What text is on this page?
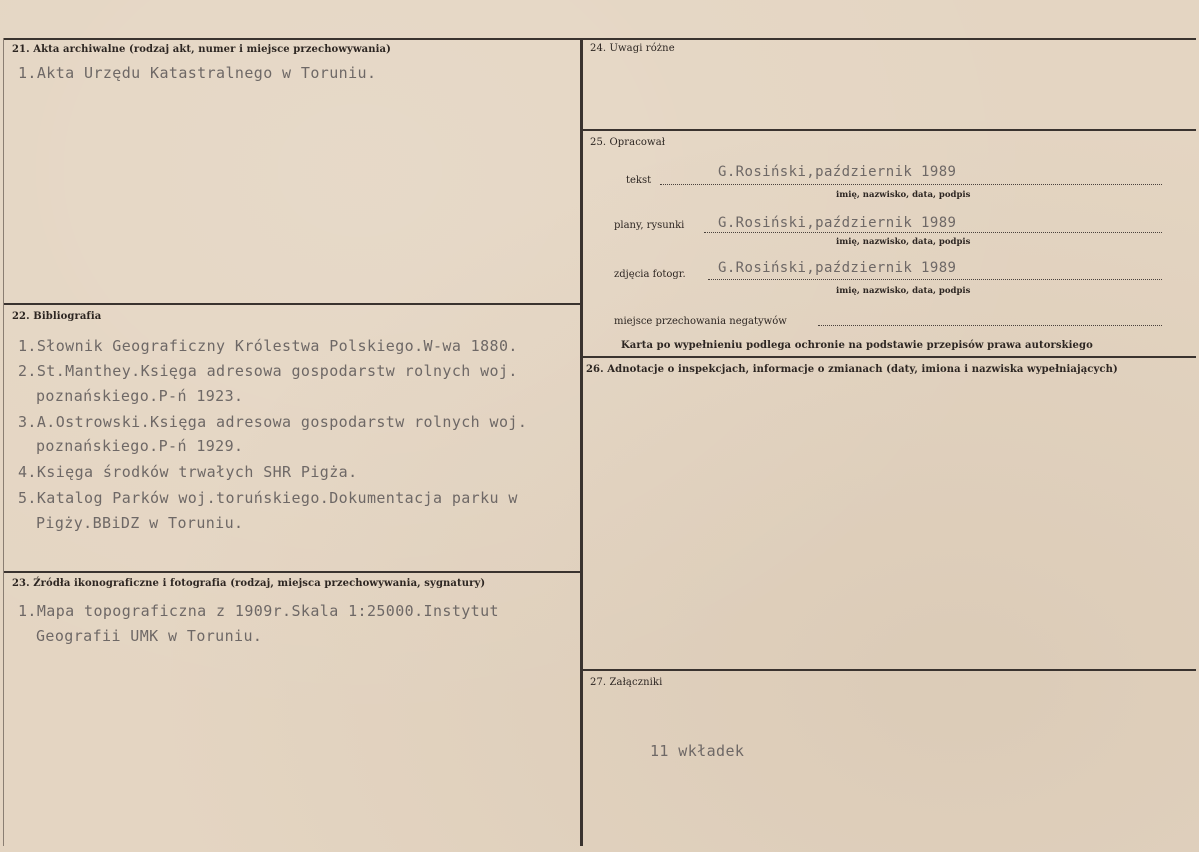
21. Akta archiwalne (rodzaj akt, numer i miejsce przechowywania)
1.Akta Urzędu Katastralnego w Toruniu.
22. Bibliografia
1.Słownik Geograficzny Królestwa Polskiego.W-wa 1880.
2.St.Manthey.Księga adresowa gospodarstw rolnych woj.
poznańskiego.P-ń 1923.
3.A.Ostrowski.Księga adresowa gospodarstw rolnych woj.
poznańskiego.P-ń 1929.
4.Księga środków trwałych SHR Pigża.
5.Katalog Parków woj.toruńskiego.Dokumentacja parku w
Pigży.BBiDZ w Toruniu.
23. Źródła ikonograficzne i fotografia (rodzaj, miejsca przechowywania, sygnatury)
1.Mapa topograficzna z 1909r.Skala 1:25000.Instytut
Geografii UMK w Toruniu.
24. Uwagi różne
25. Opracował
tekst
G.Rosiński,październik 1989
imię, nazwisko, data, podpis
plany, rysunki G.Rosiński,październik 1989
imię, nazwisko, data, podpis
zdjęcia fotogr. G.Rosiński,październik 1989
imię, nazwisko, data, podpis
miejsce przechowania negatywów
Karta po wypełnieniu podlega ochronie na podstawie przepisów prawa autorskiego
26. Adnotacje o inspekcjach, informacje o zmianach (daty, imiona i nazwiska wypełniających)
27. Załączniki
11 wkładek
